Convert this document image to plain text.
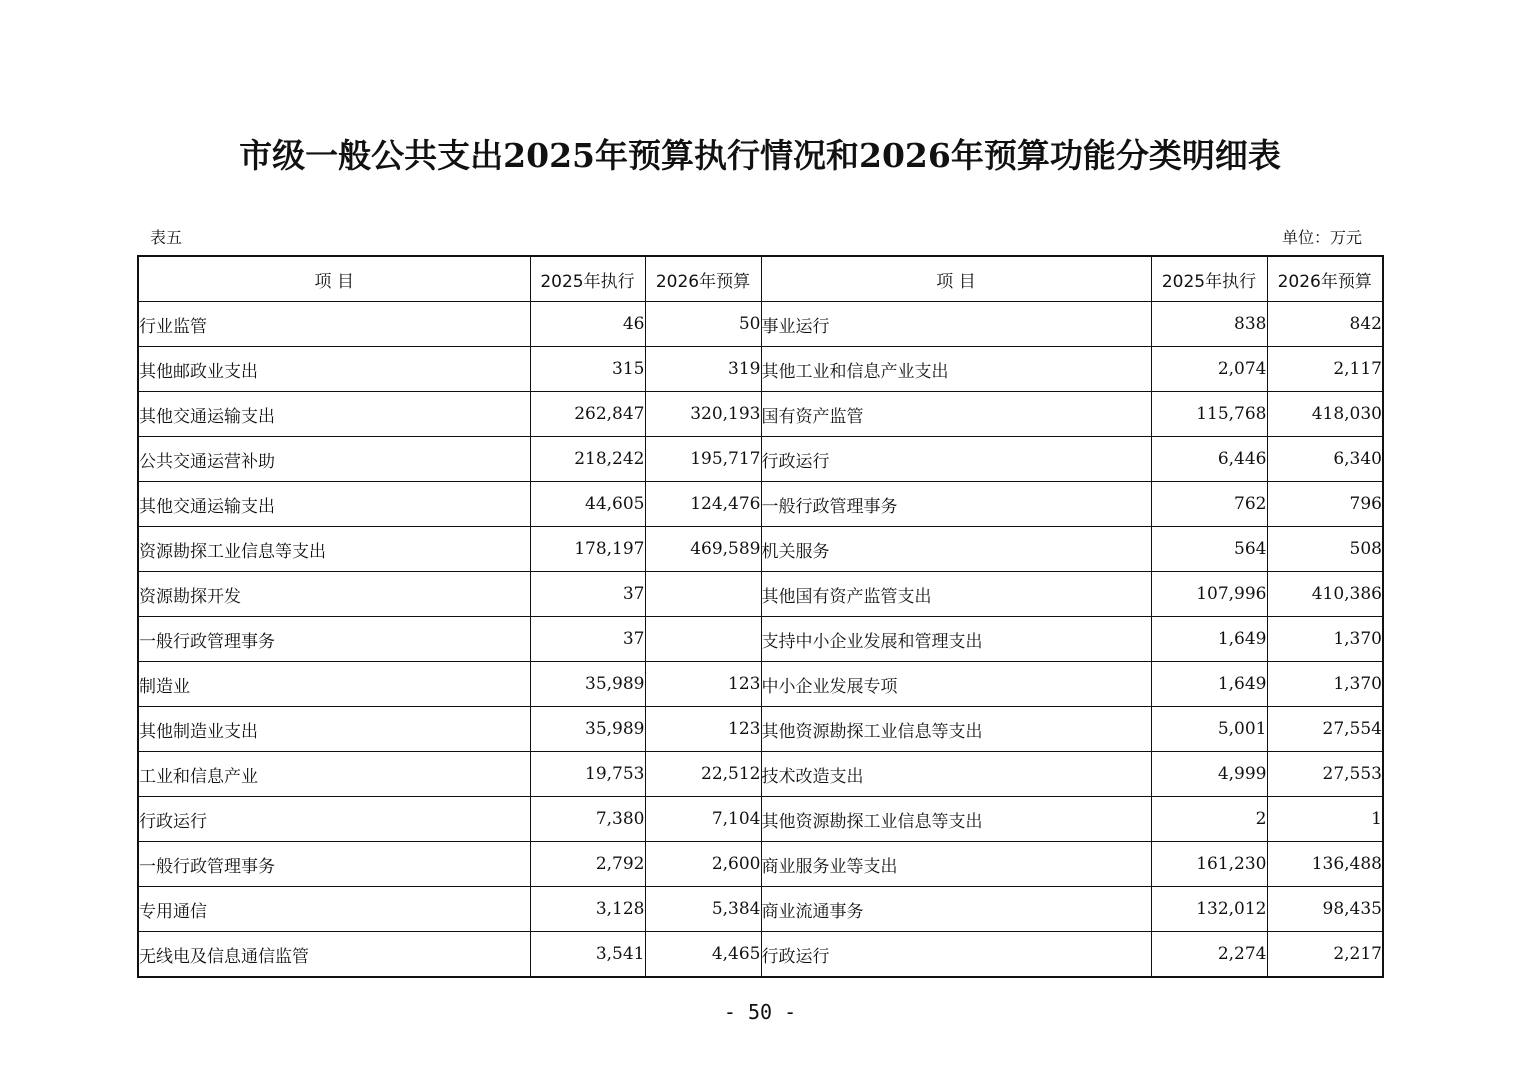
市级一般公共支出2025年预算执行情况和2026年预算功能分类明细表
表五	单位：万元
项 目	2025年执行	2026年预算	项 目	2025年执行	2026年预算
行业监管	46	50	事业运行	838	842
其他邮政业支出	315	319	其他工业和信息产业支出	2,074	2,117
其他交通运输支出	262,847	320,193	国有资产监管	115,768	418,030
公共交通运营补助	218,242	195,717	行政运行	6,446	6,340
其他交通运输支出	44,605	124,476	一般行政管理事务	762	796
资源勘探工业信息等支出	178,197	469,589	机关服务	564	508
资源勘探开发	37		其他国有资产监管支出	107,996	410,386
一般行政管理事务	37		支持中小企业发展和管理支出	1,649	1,370
制造业	35,989	123	中小企业发展专项	1,649	1,370
其他制造业支出	35,989	123	其他资源勘探工业信息等支出	5,001	27,554
工业和信息产业	19,753	22,512	技术改造支出	4,999	27,553
行政运行	7,380	7,104	其他资源勘探工业信息等支出	2	1
一般行政管理事务	2,792	2,600	商业服务业等支出	161,230	136,488
专用通信	3,128	5,384	商业流通事务	132,012	98,435
无线电及信息通信监管	3,541	4,465	行政运行	2,274	2,217
- 50 -
